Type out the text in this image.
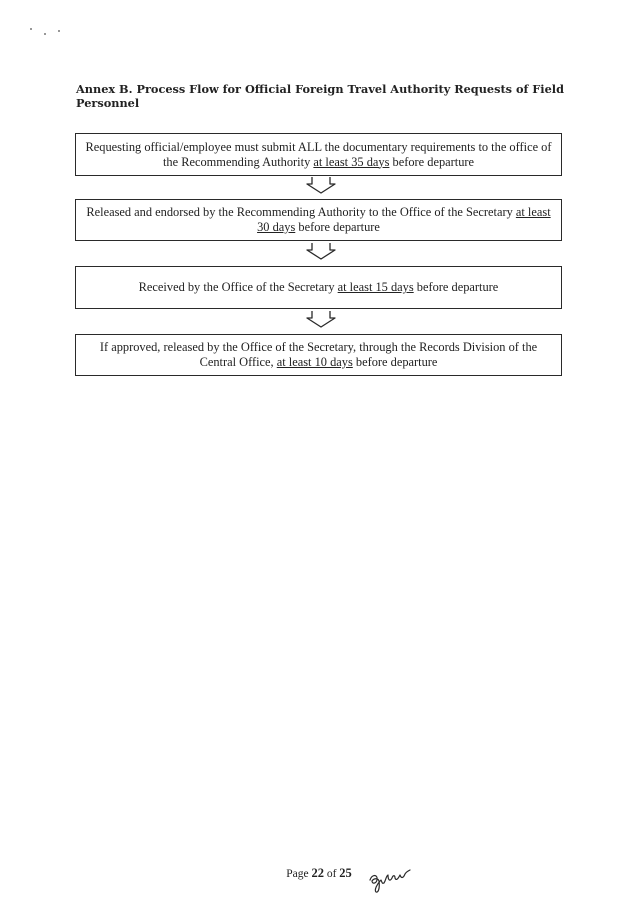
Annex B. Process Flow for Official Foreign Travel Authority Requests of Field Personnel
Requesting official/employee must submit ALL the documentary requirements to the office of the Recommending Authority at least 35 days before departure
Released and endorsed by the Recommending Authority to the Office of the Secretary at least 30 days before departure
Received by the Office of the Secretary at least 15 days before departure
If approved, released by the Office of the Secretary, through the Records Division of the Central Office, at least 10 days before departure
Page 22 of 25
